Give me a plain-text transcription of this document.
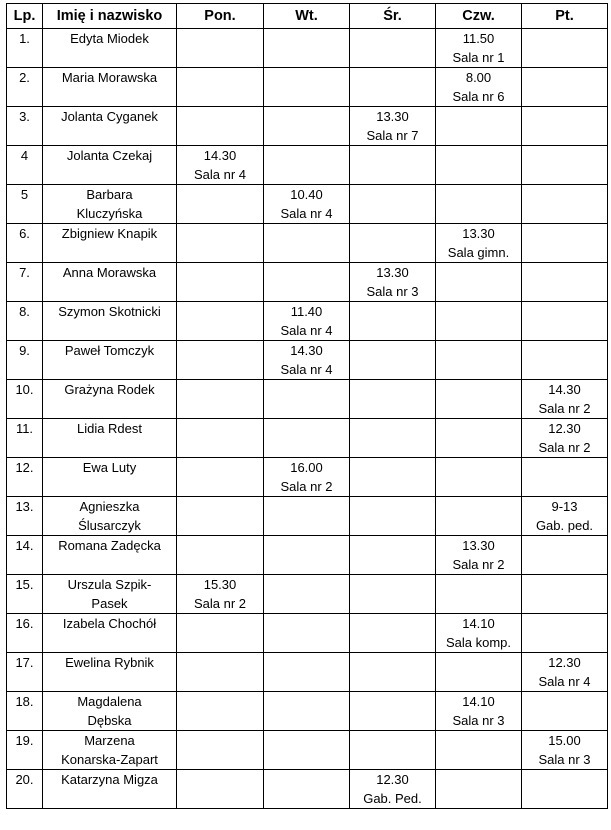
Lp.	Imię i nazwisko	Pon.	Wt.	Śr.	Czw.	Pt.

1.	Edyta Miodek				11.50
Sala nr 1	

2.	Maria Morawska				8.00
Sala nr 6	

3.	Jolanta Cyganek			13.30
Sala nr 7		

4	Jolanta Czekaj	14.30
Sala nr 4				

5	Barbara
Kluczyńska		10.40
Sala nr 4			

6.	Zbigniew Knapik				13.30
Sala gimn.	

7.	Anna Morawska			13.30
Sala nr 3		

8.	Szymon Skotnicki		11.40
Sala nr 4			

9.	Paweł Tomczyk		14.30
Sala nr 4			

10.	Grażyna Rodek					14.30
Sala nr 2

11.	Lidia Rdest					12.30
Sala nr 2

12.	Ewa Luty		16.00
Sala nr 2			

13.	Agnieszka
Ślusarczyk					9-13
Gab. ped.

14.	Romana Zadęcka				13.30
Sala nr 2	

15.	Urszula Szpik-
Pasek	15.30
Sala nr 2				

16.	Izabela Chochół				14.10
Sala komp.	

17.	Ewelina Rybnik					12.30
Sala nr 4

18.	Magdalena
Dębska				14.10
Sala nr 3	

19.	Marzena
Konarska-Zapart					15.00
Sala nr 3

20.	Katarzyna Migza			12.30
Gab. Ped.		
